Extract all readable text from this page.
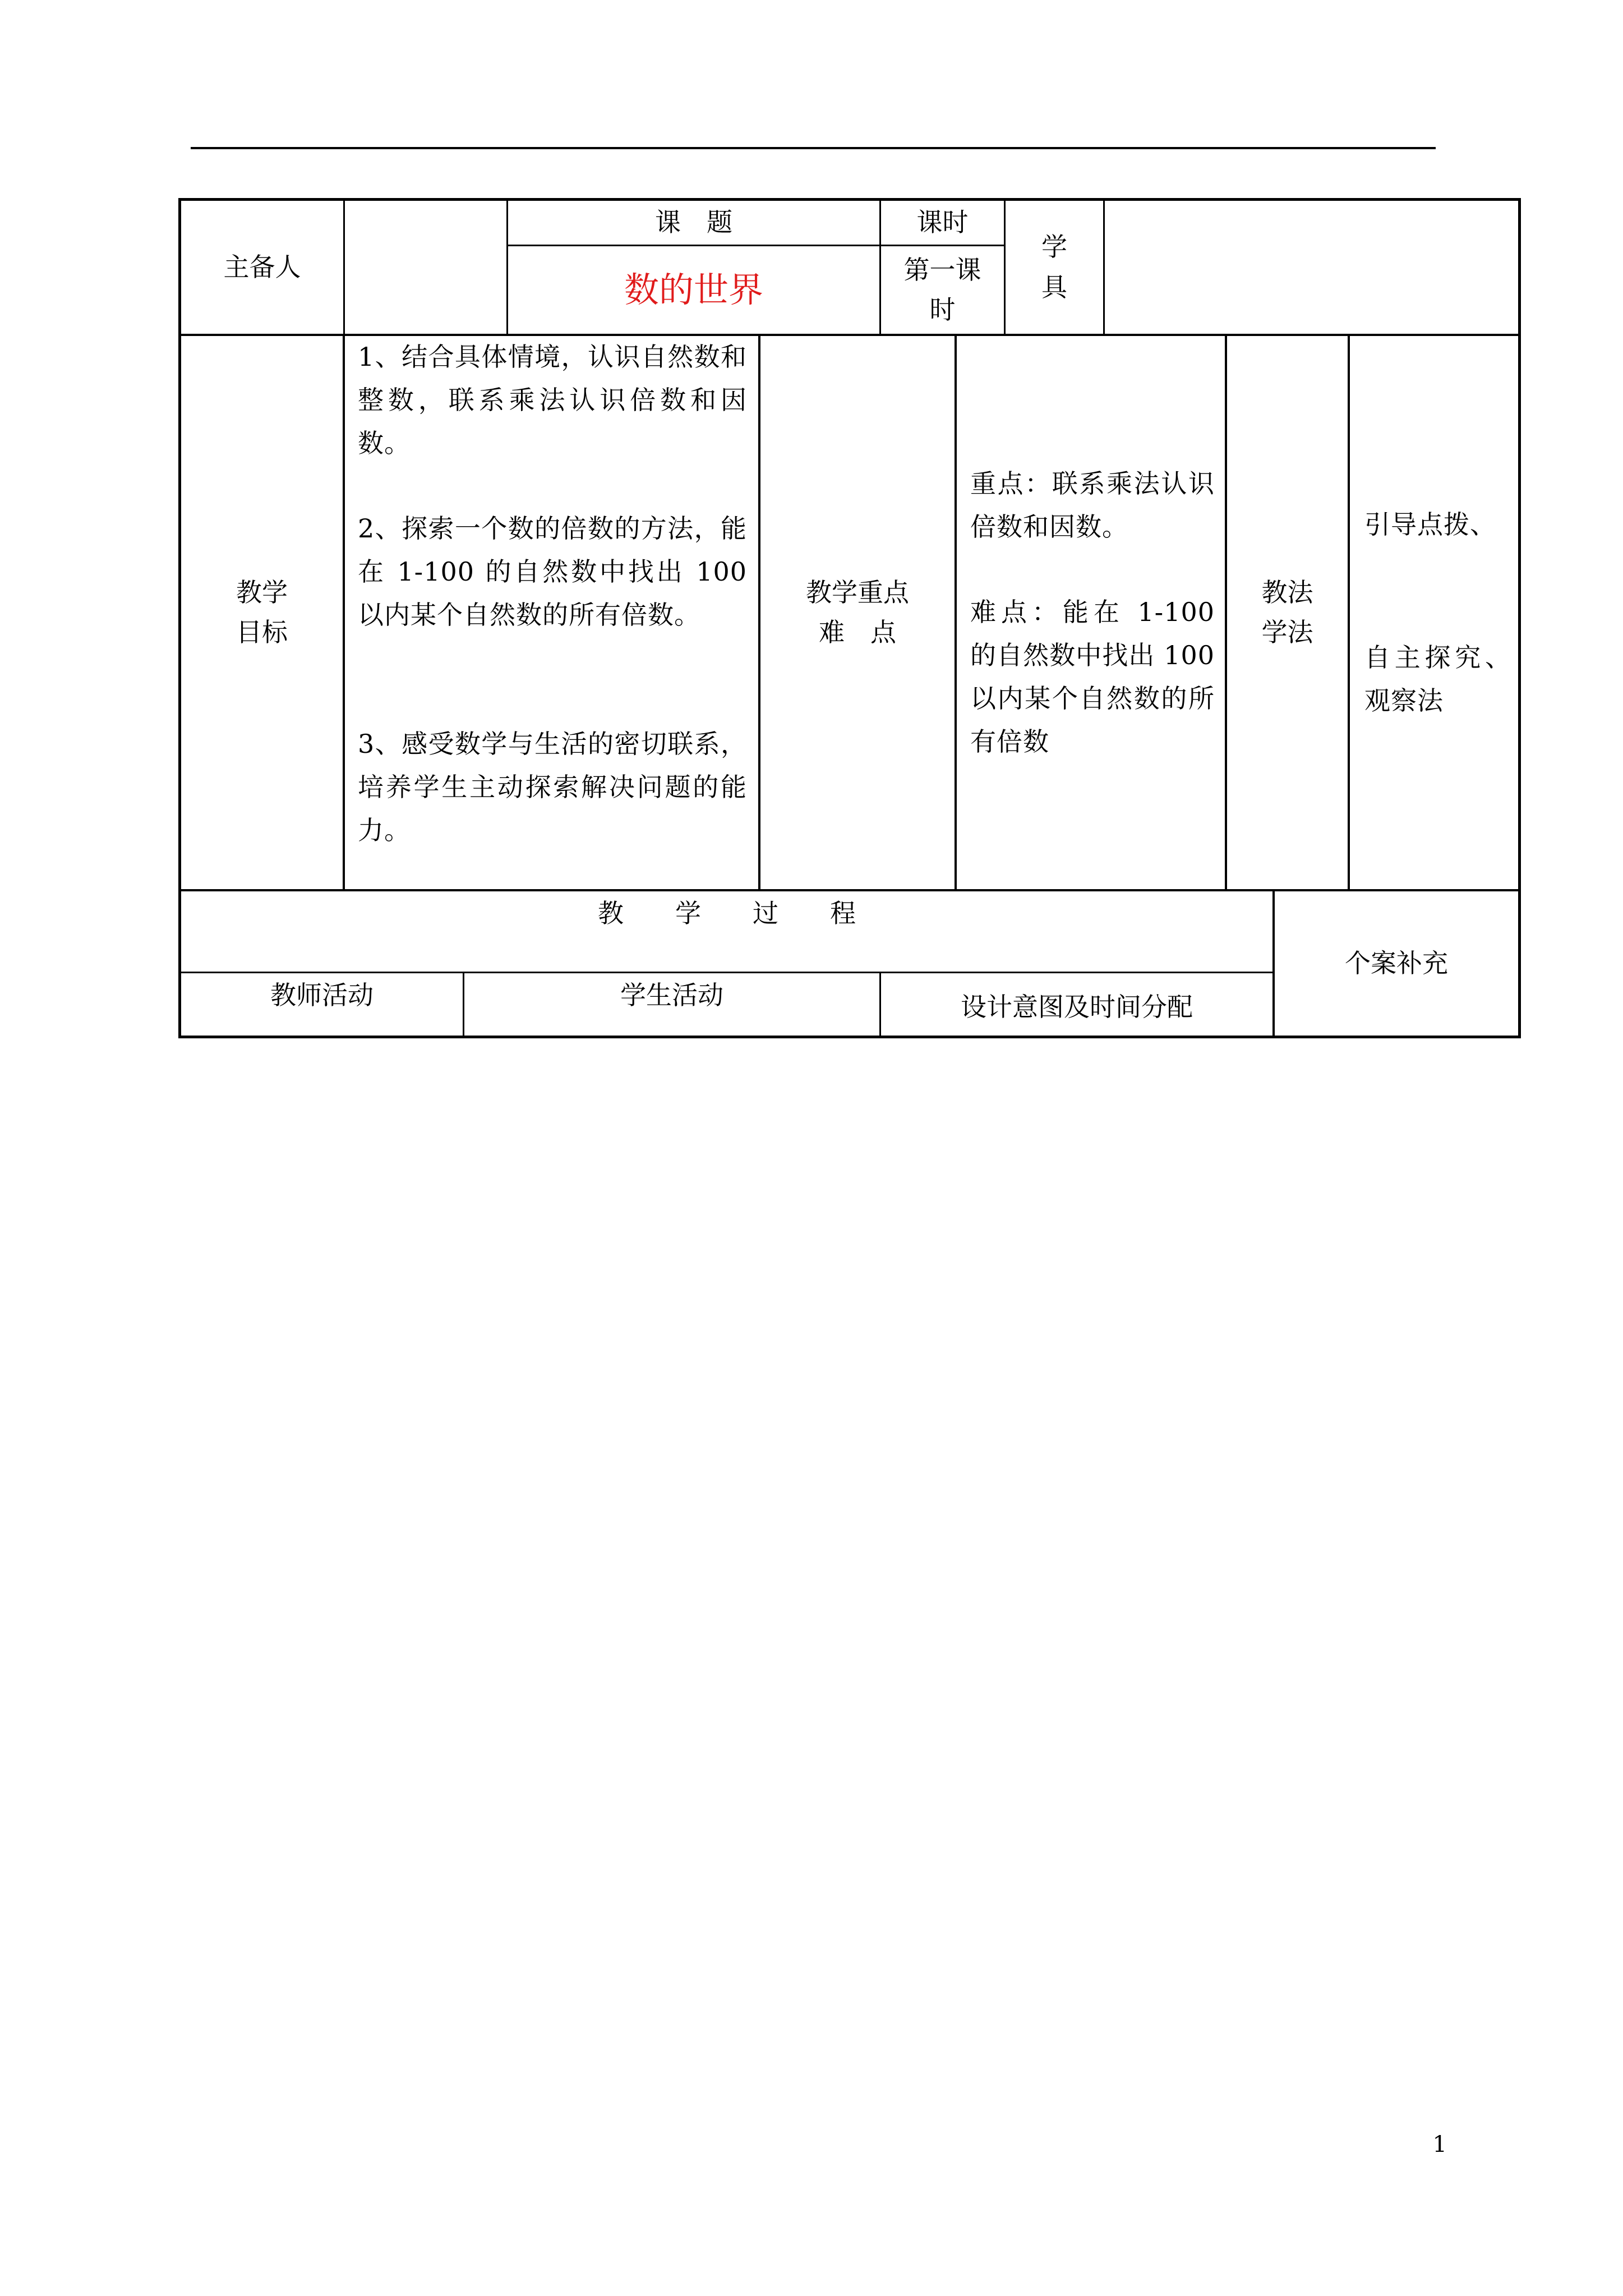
主备人
课　题
数的世界
课时
第一课
时
学
具
教学
目标
1、结合具体情境，认识自然数和整数，联系乘法认识倍数和因数。
2、探索一个数的倍数的方法，能在 1-100 的自然数中找出 100 以内某个自然数的所有倍数。
3、感受数学与生活的密切联系，培养学生主动探索解决问题的能力。
教学重点
难　点
重点：联系乘法认识倍数和因数。
难点：能在 1-100 的自然数中找出 100 以内某个自然数的所有倍数
教法
学法
引导点拨、
自主探究、观察法
教　　学　　过　　程
个案补充
教师活动	学生活动	设计意图及时间分配
1
